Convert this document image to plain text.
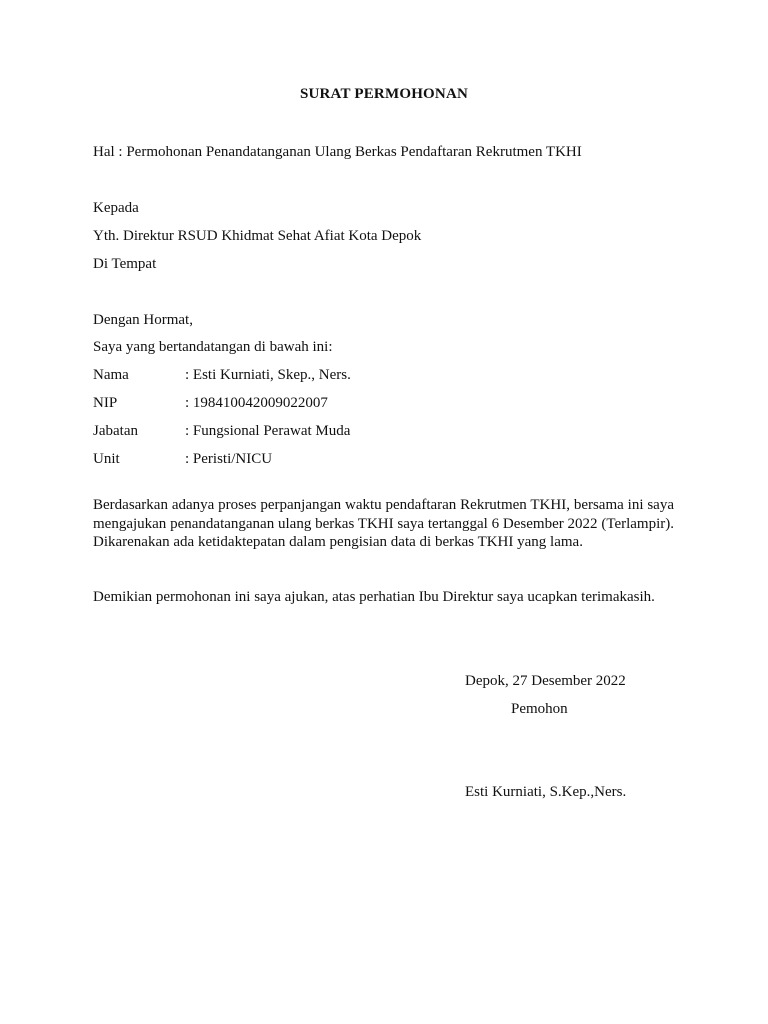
SURAT PERMOHONAN
Hal : Permohonan Penandatanganan Ulang Berkas Pendaftaran Rekrutmen TKHI
Kepada
Yth. Direktur RSUD Khidmat Sehat Afiat Kota Depok
Di Tempat
Dengan Hormat,
Saya yang bertandatangan di bawah ini:
Nama	: Esti Kurniati, Skep., Ners.
NIP	: 198410042009022007
Jabatan	: Fungsional Perawat Muda
Unit	: Peristi/NICU
Berdasarkan adanya proses perpanjangan waktu pendaftaran Rekrutmen TKHI, bersama ini saya mengajukan penandatanganan ulang berkas TKHI saya tertanggal 6 Desember 2022 (Terlampir). Dikarenakan ada ketidaktepatan dalam pengisian data di berkas TKHI yang lama.
Demikian permohonan ini saya ajukan, atas perhatian Ibu Direktur saya ucapkan terimakasih.
Depok, 27 Desember 2022
Pemohon
Esti Kurniati, S.Kep.,Ners.
